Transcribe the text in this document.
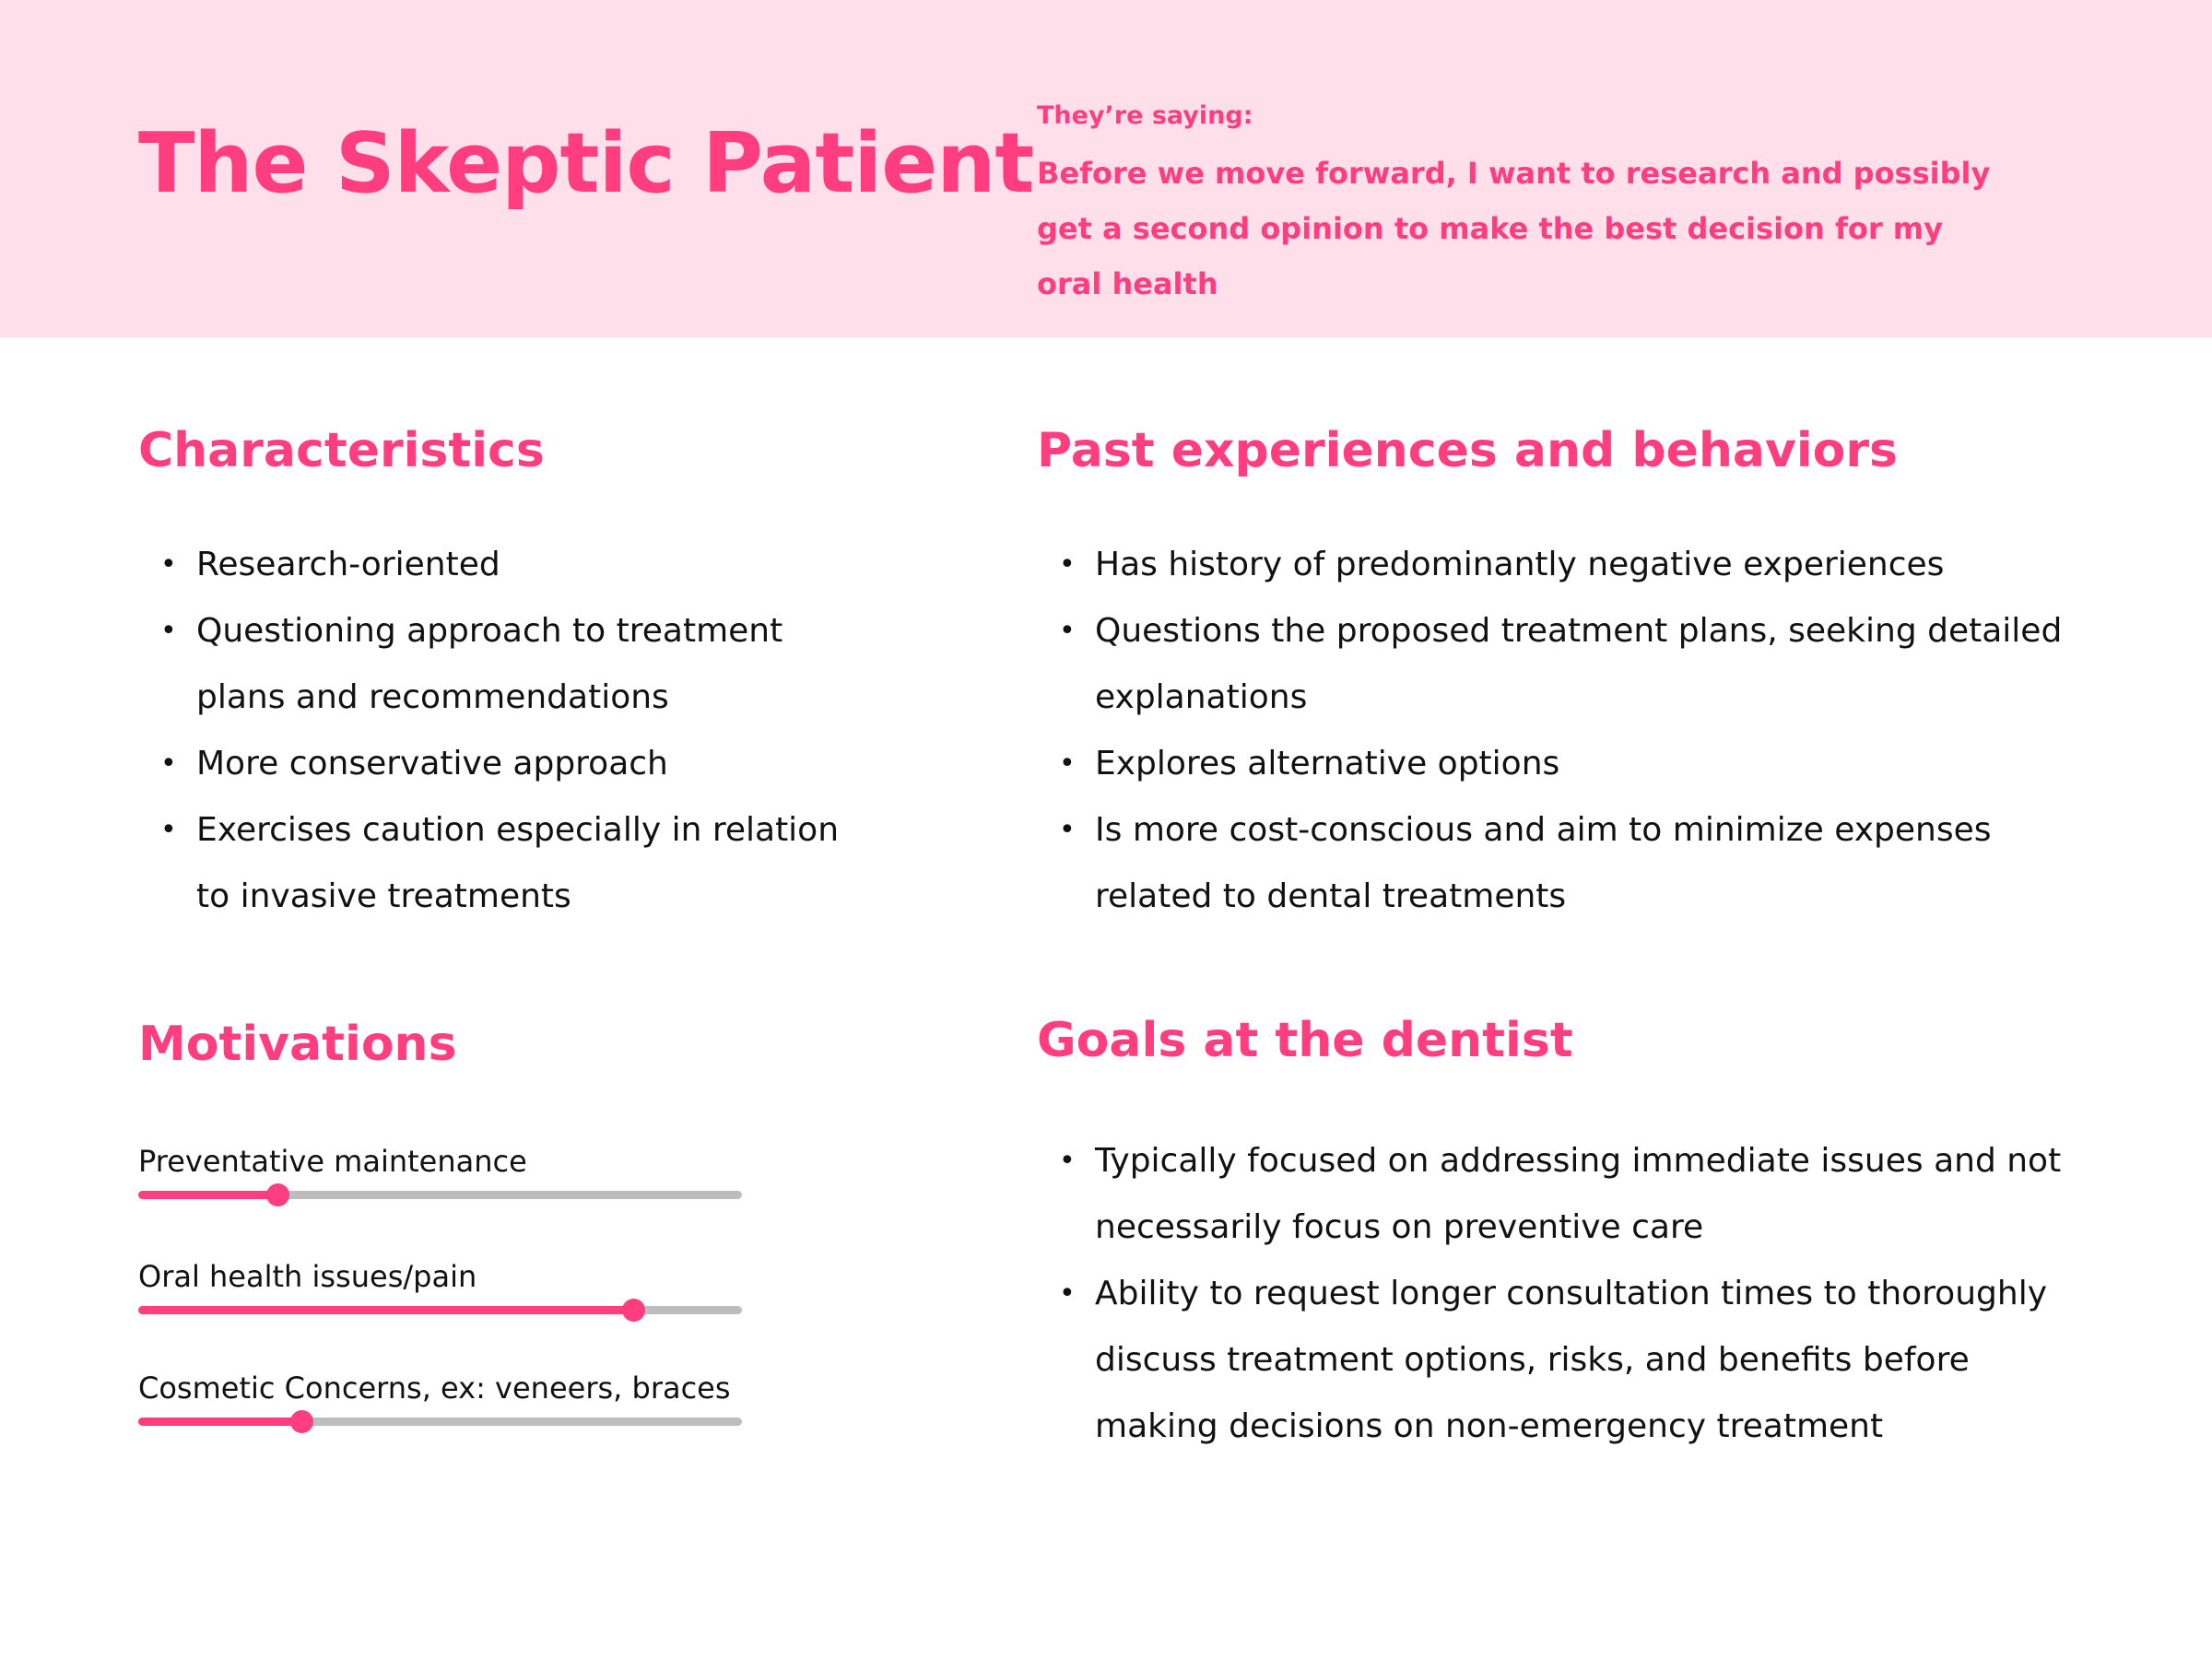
The Skeptic Patient They’re saying:
Before we move forward, I want to research and possibly get a second opinion to make the best decision for my oral health
Characteristics
• Research-oriented
• Questioning approach to treatment plans and recommendations
• More conservative approach
• Exercises caution especially in relation to invasive treatments
Past experiences and behaviors
• Has history of predominantly negative experiences
• Questions the proposed treatment plans, seeking detailed explanations
• Explores alternative options
• Is more cost-conscious and aim to minimize expenses related to dental treatments
Motivations
Preventative maintenance
Oral health issues/pain
Cosmetic Concerns, ex: veneers, braces
Goals at the dentist
• Typically focused on addressing immediate issues and not necessarily focus on preventive care
• Ability to request longer consultation times to thoroughly discuss treatment options, risks, and benefits before making decisions on non-emergency treatment
